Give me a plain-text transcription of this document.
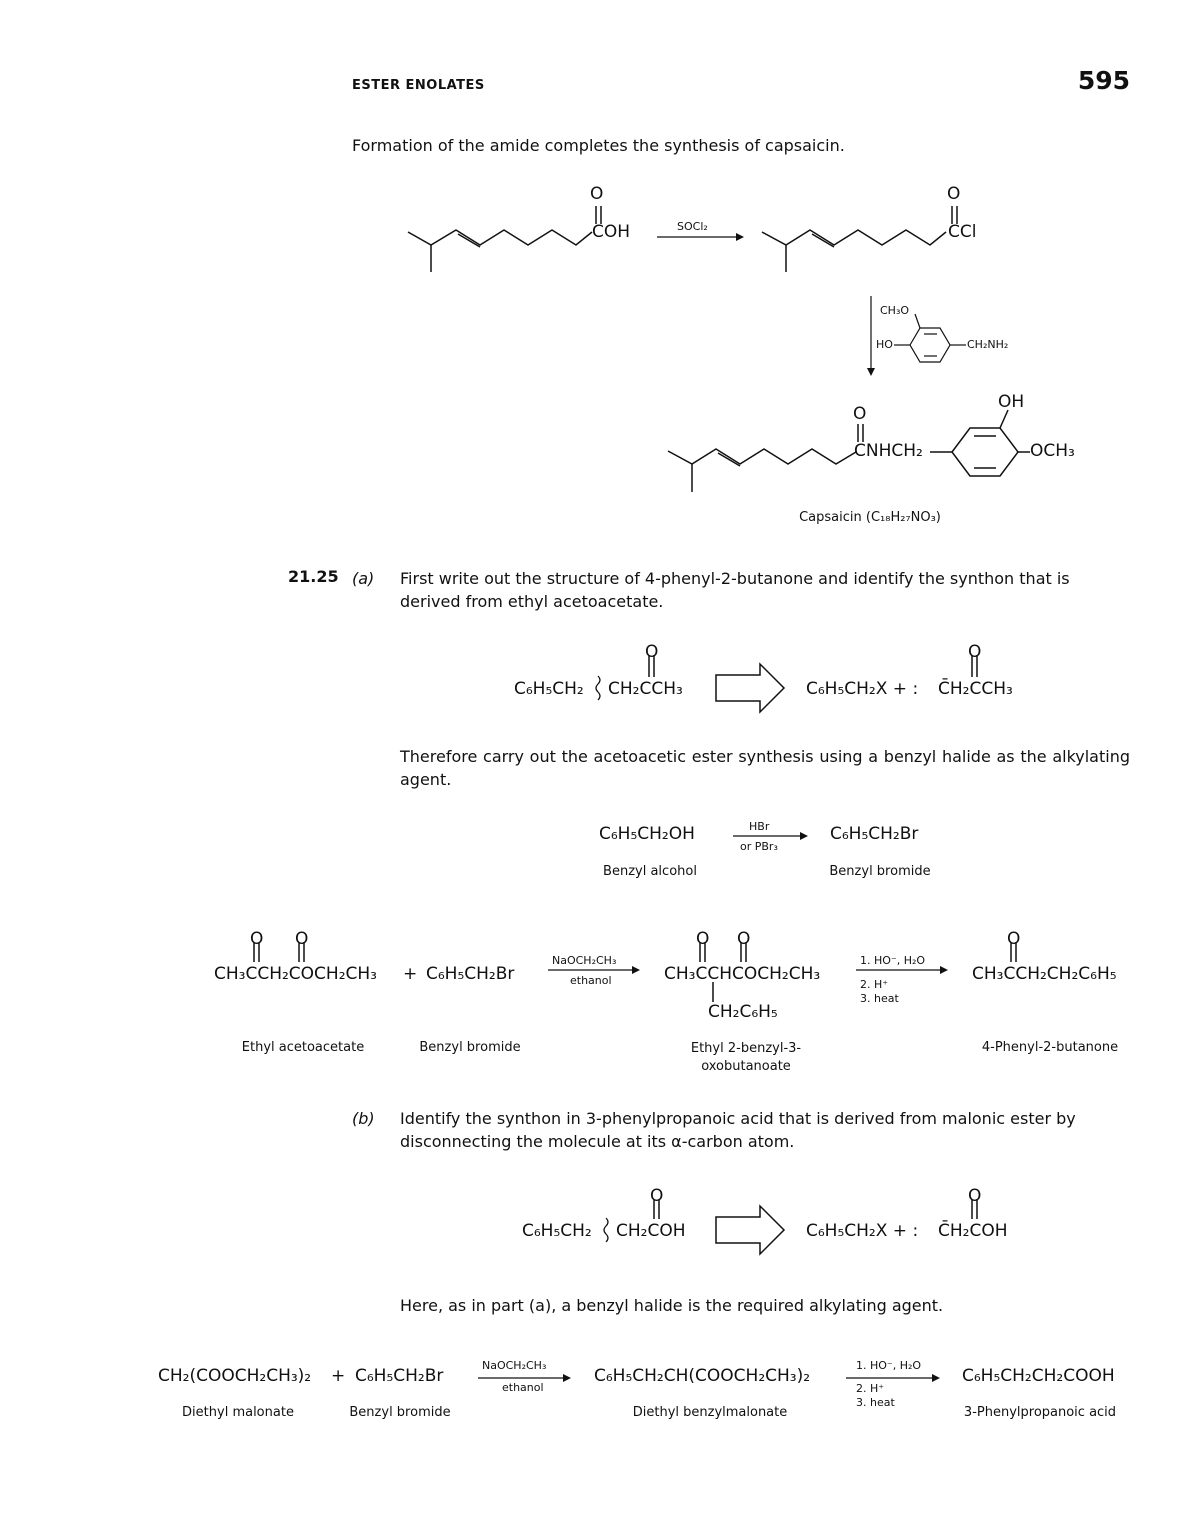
ESTER ENOLATES	595
Formation of the amide completes the synthesis of capsaicin.
O
COH	SOCl₂
O
CCl
CH₃O
HO	CH₂NH₂
O
OH
CNHCH₂	OCH₃
Capsaicin (C₁₈H₂₇NO₃)
21.25 (a) First write out the structure of 4-phenyl-2-butanone and identify the synthon that is derived from ethyl acetoacetate.
O
C₆H₅CH₂ CH₂CCH₃
O
C₆H₅CH₂X + : C̄H₂CCH₃
Therefore carry out the acetoacetic ester synthesis using a benzyl halide as the alkylating agent.
C₆H₅CH₂OH	HBr
or PBr₃
C₆H₅CH₂Br
Benzyl alcohol	Benzyl bromide
O O
CH₃CCH₂COCH₂CH₃ + C₆H₅CH₂Br
NaOCH₂CH₃
ethanol
O O
CH₃CCHCOCH₂CH₃
CH₂C₆H₅
1. HO⁻, H₂O
2. H⁺
3. heat
O
CH₃CCH₂CH₂C₆H₅
Ethyl acetoacetate	Benzyl bromide	Ethyl 2-benzyl-3-oxobutanoate
4-Phenyl-2-butanone
(b) Identify the synthon in 3-phenylpropanoic acid that is derived from malonic ester by disconnecting the molecule at its α-carbon atom.
O
C₆H₅CH₂ CH₂COH
O
C₆H₅CH₂X + : C̄H₂COH
Here, as in part (a), a benzyl halide is the required alkylating agent.
CH₂(COOCH₂CH₃)₂ + C₆H₅CH₂Br
NaOCH₂CH₃
ethanol
C₆H₅CH₂CH(COOCH₂CH₃)₂
1. HO⁻, H₂O
2. H⁺
3. heat
C₆H₅CH₂CH₂COOH
Diethyl malonate	Benzyl bromide	Diethyl benzylmalonate	3-Phenylpropanoic acid
